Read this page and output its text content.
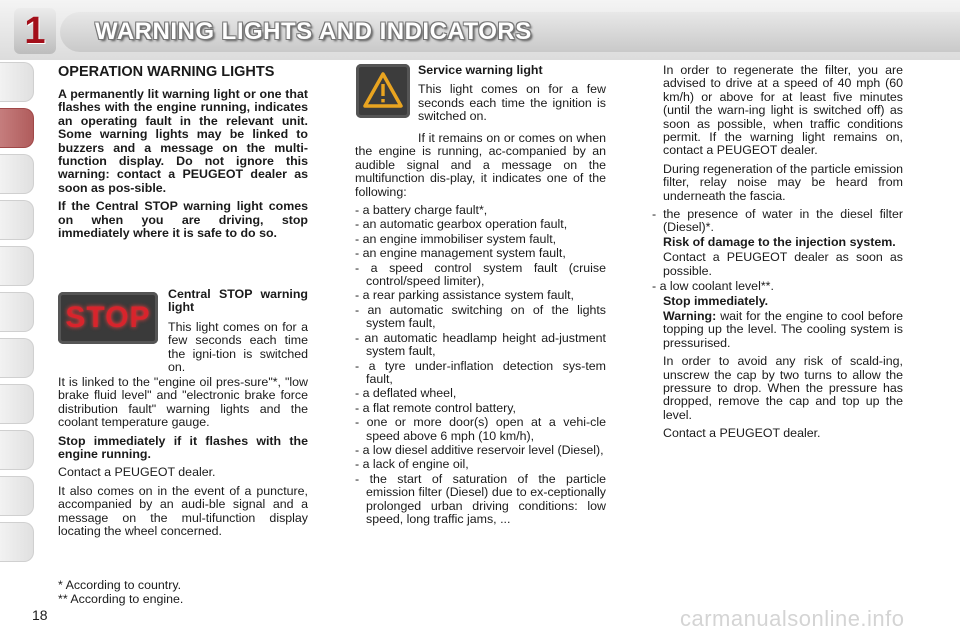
1	WARNING LIGHTS AND INDICATORS
OPERATION WARNING LIGHTS

A permanently lit warning light or one that flashes with the engine running, indicates an operating fault in the relevant unit. Some warning lights may be linked to buzzers and a message on the multi-function display. Do not ignore this warning: contact a PEUGEOT dealer as soon as pos-sible.

If the Central STOP warning light comes on when you are driving, stop immediately where it is safe to do so.

STOP

Central STOP warning light

This light comes on for a few seconds each time the igni-tion is switched on.

It is linked to the "engine oil pres-sure"*, "low brake fluid level" and "electronic brake force distribution fault" warning lights and the coolant temperature gauge.

Stop immediately if it flashes with the engine running.

Contact a PEUGEOT dealer.

It also comes on in the event of a puncture, accompanied by an audi-ble signal and a message on the mul-tifunction display locating the wheel concerned.

Service warning light

This light comes on for a few seconds each time the ignition is switched on.

If it remains on or comes on when the engine is running, ac-companied by an audible signal and a message on the multifunction dis-play, it indicates one of the following:

- a battery charge fault*,
- an automatic gearbox operation fault,
- an engine immobiliser system fault,
- an engine management system fault,
- a speed control system fault (cruise control/speed limiter),
- a rear parking assistance system fault,
- an automatic switching on of the lights system fault,
- an automatic headlamp height ad-justment system fault,
- a tyre under-inflation detection sys-tem fault,
- a deflated wheel,
- a flat remote control battery,
- one or more door(s) open at a vehi-cle speed above 6 mph (10 km/h),
- a low diesel additive reservoir level (Diesel),
- a lack of engine oil,
- the start of saturation of the particle emission filter (Diesel) due to ex-ceptionally prolonged urban driving conditions: low speed, long traffic jams, ...

In order to regenerate the filter, you are advised to drive at a speed of 40 mph (60 km/h) or above for at least five minutes (until the warn-ing light is switched off) as soon as possible, when traffic conditions permit. If the warning light remains on, contact a PEUGEOT dealer.

During regeneration of the particle emission filter, relay noise may be heard from underneath the fascia.

- the presence of water in the diesel filter (Diesel)*.

Risk of damage to the injection system.

Contact a PEUGEOT dealer as soon as possible.

- a low coolant level**.

Stop immediately.

Warning: wait for the engine to cool before topping up the level. The cooling system is pressurised.

In order to avoid any risk of scald-ing, unscrew the cap by two turns to allow the pressure to drop. When the pressure has dropped, remove the cap and top up the level.

Contact a PEUGEOT dealer.

* According to country.
** According to engine.
18	carmanualsonline.info
